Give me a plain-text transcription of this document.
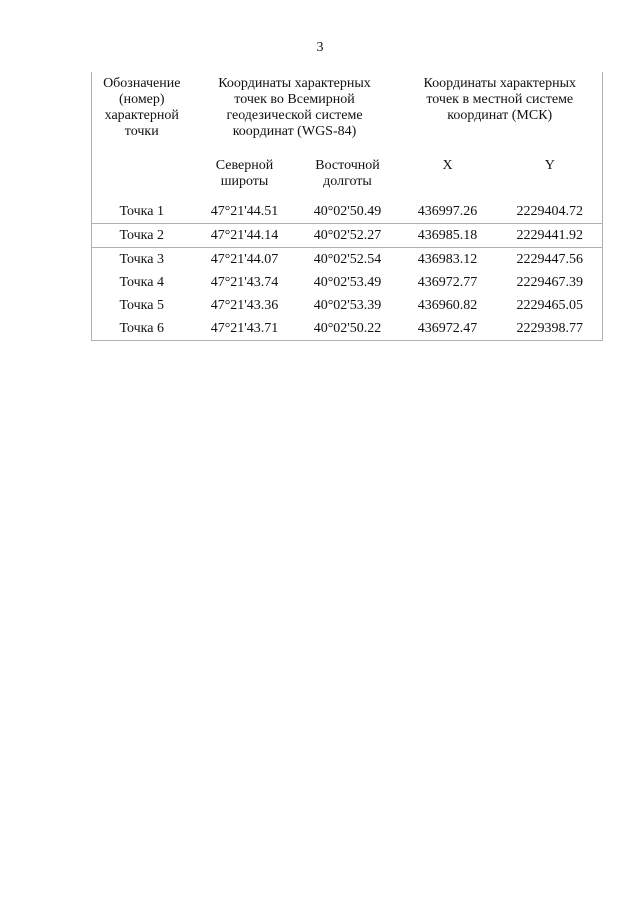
3
Обозначение (номер) характерной точки	Координаты характерных точек во Всемирной геодезической системе координат (WGS-84)		Координаты характерных точек в местной системе координат (МСК)	
	Северной широты	Восточной долготы	X	Y
Точка 1	47°21'44.51	40°02'50.49	436997.26	2229404.72
Точка 2	47°21'44.14	40°02'52.27	436985.18	2229441.92
Точка 3	47°21'44.07	40°02'52.54	436983.12	2229447.56
Точка 4	47°21'43.74	40°02'53.49	436972.77	2229467.39
Точка 5	47°21'43.36	40°02'53.39	436960.82	2229465.05
Точка 6	47°21'43.71	40°02'50.22	436972.47	2229398.77
